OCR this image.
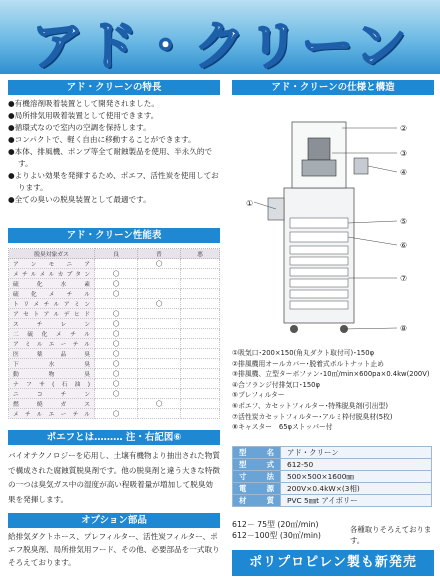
アド・クリーン
アド・クリーンの特長
●有機溶剤吸着装置として開発されました。
●局所排気用吸着装置として使用できます。
●循環式なので室内の空調を保持します。
●コンパクトで、軽く自由に移動することができます。
●本体、排風機、ポンプ等全て耐蝕製品を使用、半永久的です。
●よりよい効果を発揮するため、ポエフ、活性炭を使用しております。
●全ての臭いの脱臭装置として最適です。
アド・クリーン性能表
脱臭対象ガス	良	普	悪
アンモニア		◯	
メチルメルカプタン	◯		
硫化水素	◯		
硫化メチル	◯		
トリメチルアミン		◯	
アセトアルデヒド	◯		
スチレン	◯		
二硫化メチル	◯		
アミルエーテル	◯		
医薬品臭	◯		
下水臭	◯		
動物臭	◯		
ナフサ(石油)	◯		
ニコチン	◯		
燃焼ガス		◯	
メチルエーテル	◯		
ポエフとは……… 注・右記図⑥
バイオテクノロジーを応用し、土壌有機物より抽出された物質で構成された腐蝕質脱臭剤です。他の脱臭剤と違う大きな特徴の一つは臭気ガス中の湿度が高い程吸着量が増加して脱臭効果を発揮します。
オプション部品
給排気ダクトホース、プレフィルター、活性炭フィルター、ポエフ脱臭剤、局所排気用フード、その他、必要部品を一式取りそろえております。
アド・クリーンの仕様と構造
①
②
③
④
⑤
⑥
⑦
⑧
①吸気口･200×150(角丸ダクト取付可)･150φ
②排風機用オールカバー･脱着式ボルトナット止め
③排風機、立型ターボファン･10㎥/min×600pa×0.4kw(200V)
④合フランジ付排気口･150φ
⑤プレフィルター
⑥ポエフ、カセットフィルター･特殊脱臭剤(引出型)
⑦活性炭カセットフィルター･アルミ枠付脱臭材(5枚)
⑧キャスター　65φストッパー付
型　　名	アド・クリーン
型　　式	612-50
寸　　法	500×500×1600㎜
電　　源	200V×0.4kW×(3相)
材　　質	PVC 5㎜t アイボリー
612－ 75型 (20㎥/min)
612－100型 (30㎥/min)
各種取りそろえております。
ポリプロピレン製も新発売
